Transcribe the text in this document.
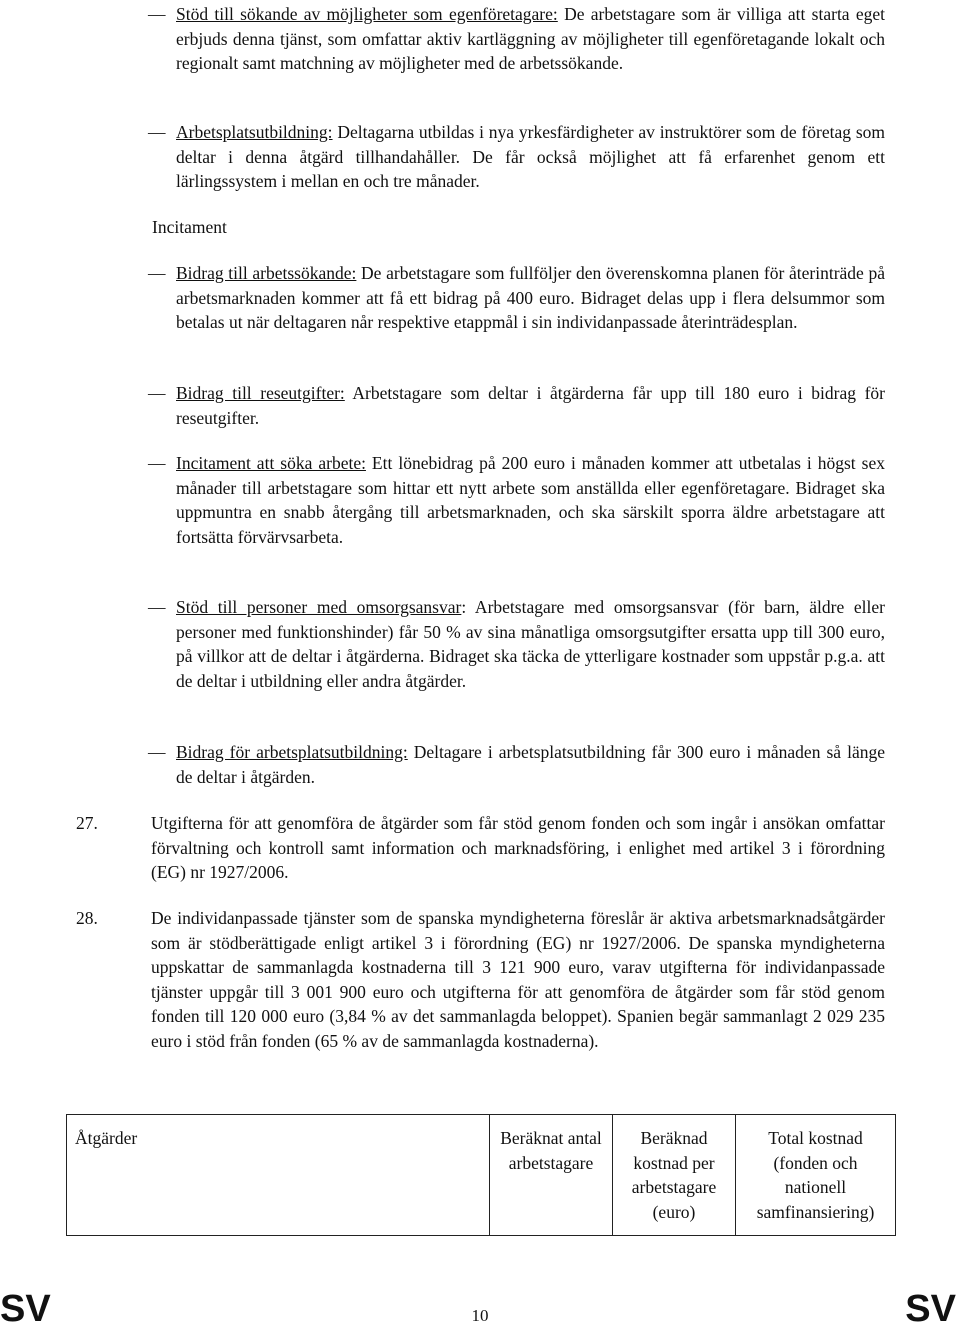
— Stöd till sökande av möjligheter som egenföretagare: De arbetstagare som är villiga att starta eget erbjuds denna tjänst, som omfattar aktiv kartläggning av möjligheter till egenföretagande lokalt och regionalt samt matchning av möjligheter med de arbetssökande.
— Arbetsplatsutbildning: Deltagarna utbildas i nya yrkesfärdigheter av instruktörer som de företag som deltar i denna åtgärd tillhandahåller. De får också möjlighet att få erfarenhet genom ett lärlingssystem i mellan en och tre månader.
Incitament
— Bidrag till arbetssökande: De arbetstagare som fullföljer den överenskomna planen för återinträde på arbetsmarknaden kommer att få ett bidrag på 400 euro. Bidraget delas upp i flera delsummor som betalas ut när deltagaren når respektive etappmål i sin individanpassade återinträdesplan.
— Bidrag till reseutgifter: Arbetstagare som deltar i åtgärderna får upp till 180 euro i bidrag för reseutgifter.
— Incitament att söka arbete: Ett lönebidrag på 200 euro i månaden kommer att utbetalas i högst sex månader till arbetstagare som hittar ett nytt arbete som anställda eller egenföretagare. Bidraget ska uppmuntra en snabb återgång till arbetsmarknaden, och ska särskilt sporra äldre arbetstagare att fortsätta förvärvsarbeta.
— Stöd till personer med omsorgsansvar: Arbetstagare med omsorgsansvar (för barn, äldre eller personer med funktionshinder) får 50 % av sina månatliga omsorgsutgifter ersatta upp till 300 euro, på villkor att de deltar i åtgärderna. Bidraget ska täcka de ytterligare kostnader som uppstår p.g.a. att de deltar i utbildning eller andra åtgärder.
— Bidrag för arbetsplatsutbildning: Deltagare i arbetsplatsutbildning får 300 euro i månaden så länge de deltar i åtgärden.
27.	Utgifterna för att genomföra de åtgärder som får stöd genom fonden och som ingår i ansökan omfattar förvaltning och kontroll samt information och marknadsföring, i enlighet med artikel 3 i förordning (EG) nr 1927/2006.
28.	De individanpassade tjänster som de spanska myndigheterna föreslår är aktiva arbetsmarknadsåtgärder som är stödberättigade enligt artikel 3 i förordning (EG) nr 1927/2006. De spanska myndigheterna uppskattar de sammanlagda kostnaderna till 3 121 900 euro, varav utgifterna för individanpassade tjänster uppgår till 3 001 900 euro och utgifterna för att genomföra de åtgärder som får stöd genom fonden till 120 000 euro (3,84 % av det sammanlagda beloppet). Spanien begär sammanlagt 2 029 235 euro i stöd från fonden (65 % av de sammanlagda kostnaderna).
Åtgärder	Beräknat antal arbetstagare	Beräknad kostnad per arbetstagare (euro)	Total kostnad (fonden och nationell samfinansiering)
SV	10	SV
